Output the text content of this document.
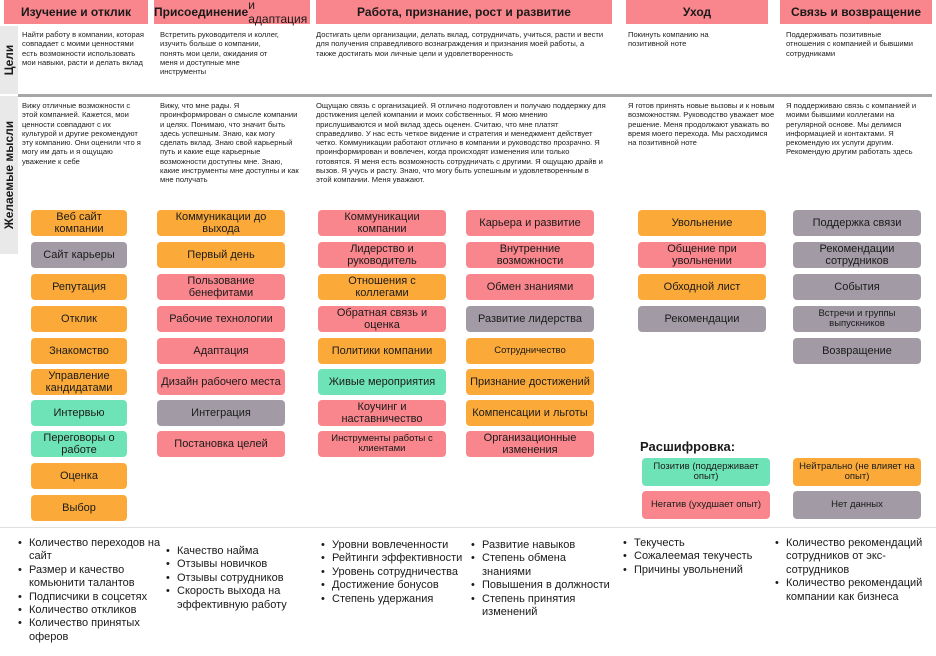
Изучение и отклик Присоединение и адаптация	Работа, признание, рост и развитие	Уход	Связь и возвращение
Цели
Желаемые мысли
Найти работу в компании, которая совпадает с моими ценностями есть возможности использовать мои навыки, расти и делать вклад
Встретить руководителя и коллег, изучить больше о компании, понять мои цели, ожидания от меня и доступные мне инструменты
Достигать цели организации, делать вклад, сотрудничать, учиться, расти и вести для получения справедливого вознаграждения и признания моей работы, а также достигать мои личные цели и удовлетворенность
Покинуть компанию на позитивной ноте
Поддерживать позитивные отношения с компанией и бывшими сотрудниками
Вижу отличные возможности с этой компанией. Кажется, мои ценности совпадают с их культурой и другие рекомендуют эту компанию. Они оценили что я могу им дать и я ощущаю уважение к себе
Вижу, что мне рады. Я проинформирован о смысле компании и целях. Понимаю, что значит быть здесь успешным. Знаю, как могу сделать вклад. Знаю свой карьерный путь и какие еще карьерные возможности доступны мне. Знаю, какие инструменты мне доступны и как мне получать
Ощущаю связь с организацией. Я отлично подготовлен и получаю поддержку для достижения целей компании и моих собственных. Я мою мнению прислушиваются и мой вклад здесь оценен. Считаю, что мне платят справедливо. У нас есть четкое видение и стратегия и менеджмент действует четко. Коммуникации работают отлично в компании и руководство прозрачно. Я проинформирован и вовлечен, когда происходят изменения или только готовятся. Я меня есть возможность сотрудничать с другими. Я ощущаю драйв и вызов. Я учусь и расту. Знаю, что могу быть успешным и удовлетворенным в этой компании. Меня уважают.
Я готов принять новые вызовы и к новым возможностям. Руководство уважает мое решение. Меня продолжают уважать во время моего перехода. Мы расходимся на позитивной ноте
Я поддерживаю связь с компанией и моими бывшими коллегами на регулярной основе. Мы делимся информацией и контактами. Я рекомендую их услуги другим. Рекомендую другим работать здесь
Веб сайт компании
Сайт карьеры
Репутация
Отклик
Знакомство
Управление кандидатами
Интервью
Переговоры о работе
Оценка
Выбор
Коммуникации до выхода
Первый день
Пользование бенефитами
Рабочие технологии
Адаптация
Дизайн рабочего места
Интеграция
Постановка целей
Коммуникации компании
Лидерство и руководитель
Отношения с коллегами
Обратная связь и оценка
Политики компании
Живые мероприятия
Коучинг и наставничество
Инструменты работы с клиентами
Карьера и развитие
Внутренние возможности
Обмен знаниями
Развитие лидерства
Сотрудничество
Признание достижений
Компенсации и льготы
Организационные изменения
Увольнение
Общение при увольнении
Обходной лист
Рекомендации
Поддержка связи
Рекомендации сотрудников
События
Встречи и группы выпускников
Возвращение
Расшифровка:
Позитив (поддерживает опыт)
Нейтрально (не влияет на опыт)
Негатив (ухудшает опыт)	Нет данных
• Количество переходов на сайт
• Размер и качество комьюнити талантов
• Подписчики в соцсетях
• Количество откликов
• Количество принятых оферов
• Качество найма
• Отзывы новичков
• Отзывы сотрудников
• Скорость выхода на эффективную работу
• Уровни вовлеченности
• Рейтинги эффективности
• Уровень сотрудничества
• Достижение бонусов
• Степень удержания
• Развитие навыков
• Степень обмена знаниями
• Повышения в должности
• Степень принятия изменений
• Текучесть
• Сожалеемая текучесть
• Причины увольнений
• Количество рекомендаций сотрудников от экс-сотрудников
• Количество рекомендаций компании как бизнеса
